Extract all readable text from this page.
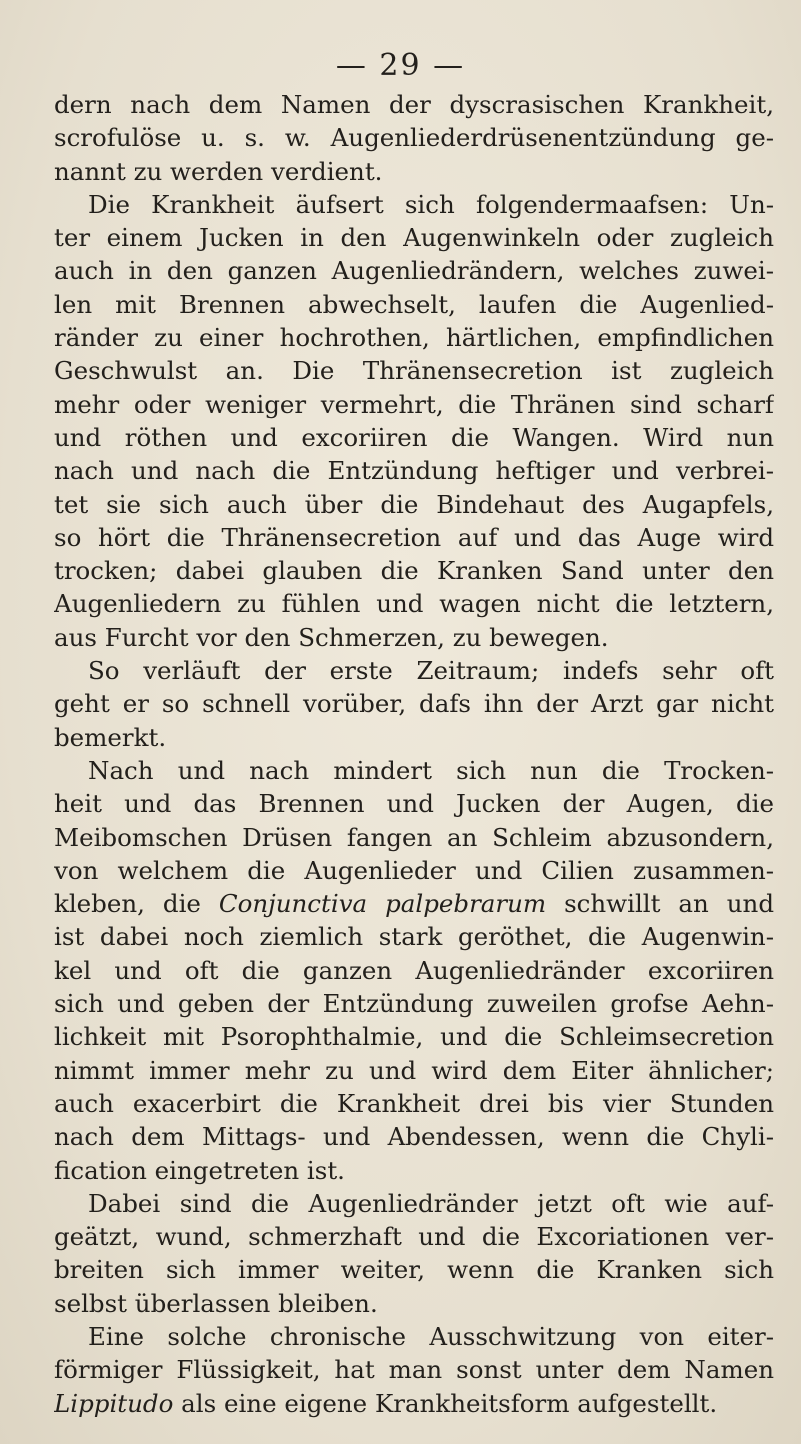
— 29 —
dern nach dem Namen der dyscrasischen Krankheit,
scrofulöse u. s. w. Augenliederdrüsenentzündung ge-
nannt zu werden verdient.
Die Krankheit äufsert sich folgendermaafsen: Un-
ter einem Jucken in den Augenwinkeln oder zugleich
auch in den ganzen Augenliedrändern, welches zuwei-
len mit Brennen abwechselt, laufen die Augenlied-
ränder zu einer hochrothen, härtlichen, empfindlichen
Geschwulst an. Die Thränensecretion ist zugleich
mehr oder weniger vermehrt, die Thränen sind scharf
und röthen und excoriiren die Wangen. Wird nun
nach und nach die Entzündung heftiger und verbrei-
tet sie sich auch über die Bindehaut des Augapfels,
so hört die Thränensecretion auf und das Auge wird
trocken; dabei glauben die Kranken Sand unter den
Augenliedern zu fühlen und wagen nicht die letztern,
aus Furcht vor den Schmerzen, zu bewegen.
So verläuft der erste Zeitraum; indefs sehr oft
geht er so schnell vorüber, dafs ihn der Arzt gar nicht
bemerkt.
Nach und nach mindert sich nun die Trocken-
heit und das Brennen und Jucken der Augen, die
Meibomschen Drüsen fangen an Schleim abzusondern,
von welchem die Augenlieder und Cilien zusammen-
kleben, die Conjunctiva palpebrarum schwillt an und
ist dabei noch ziemlich stark geröthet, die Augenwin-
kel und oft die ganzen Augenliedränder excoriiren
sich und geben der Entzündung zuweilen grofse Aehn-
lichkeit mit Psorophthalmie, und die Schleimsecretion
nimmt immer mehr zu und wird dem Eiter ähnlicher;
auch exacerbirt die Krankheit drei bis vier Stunden
nach dem Mittags- und Abendessen, wenn die Chyli-
fication eingetreten ist.
Dabei sind die Augenliedränder jetzt oft wie auf-
geätzt, wund, schmerzhaft und die Excoriationen ver-
breiten sich immer weiter, wenn die Kranken sich
selbst überlassen bleiben.
Eine solche chronische Ausschwitzung von eiter-
förmiger Flüssigkeit, hat man sonst unter dem Namen
Lippitudo als eine eigene Krankheitsform aufgestellt.
